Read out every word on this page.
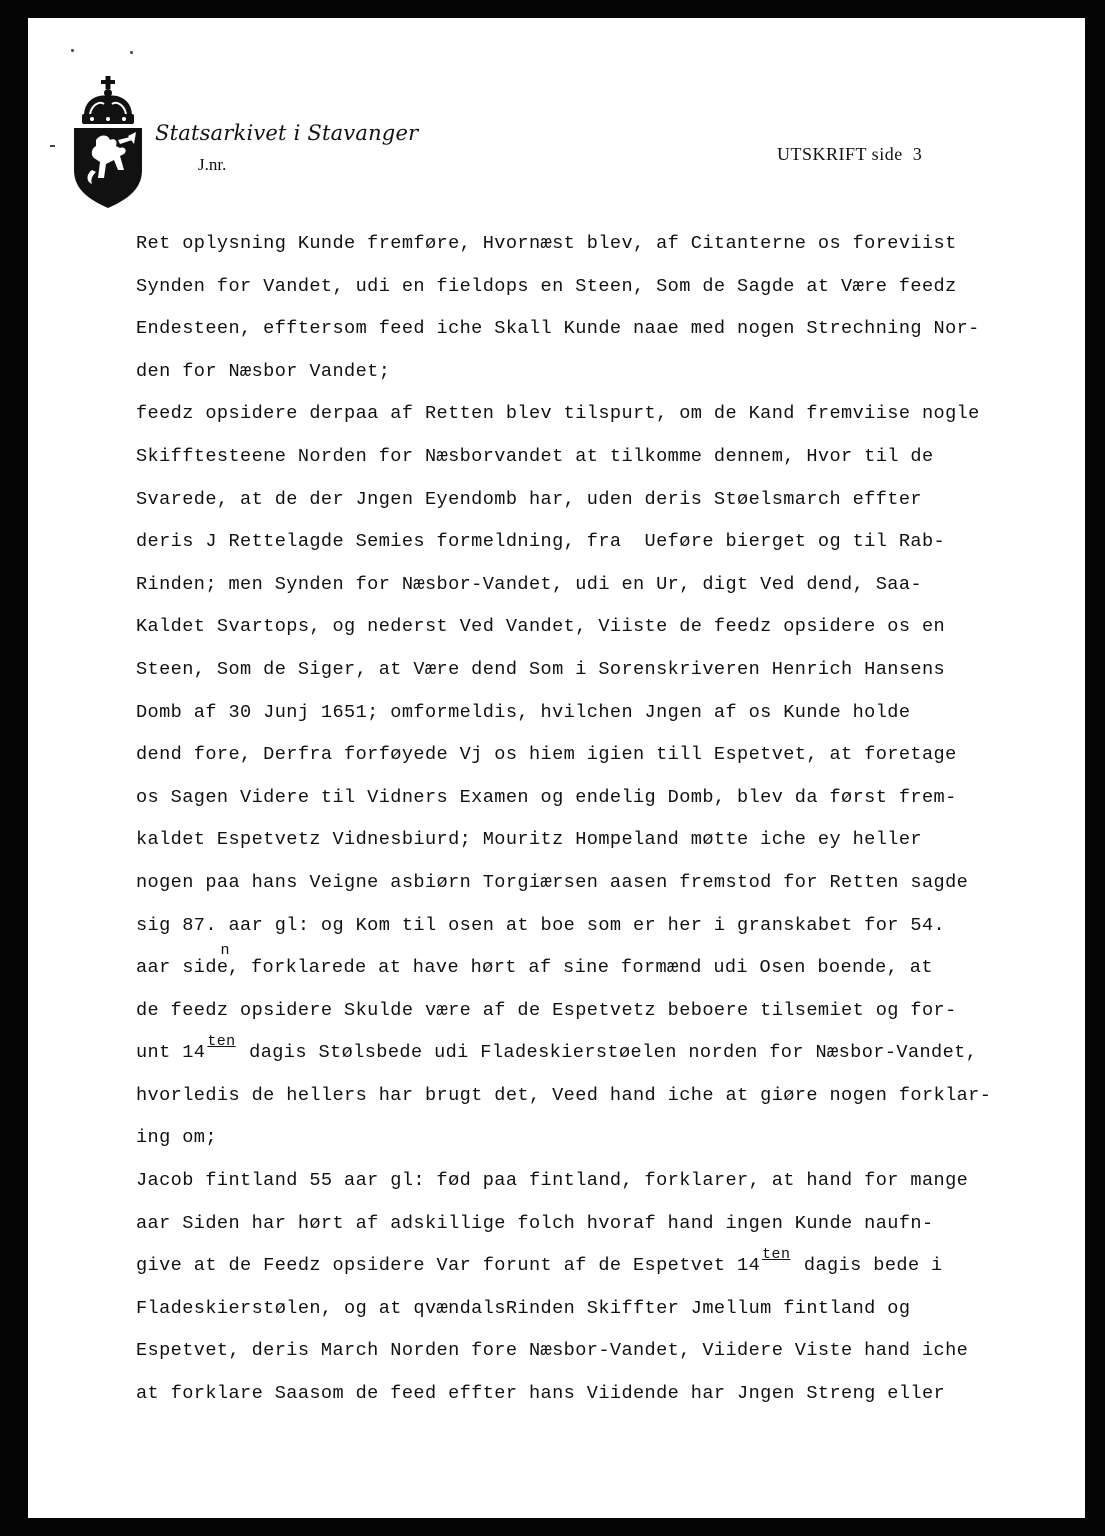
Statsarkivet i Stavanger
J.nr.
UTSKRIFT side 3
Ret oplysning Kunde fremføre, Hvornæst blev, af Citanterne os foreviist
Synden for Vandet, udi en fieldops en Steen, Som de Sagde at Være feedz
Endesteen, efftersom feed iche Skall Kunde naae med nogen Strechning Nor-
den for Næsbor Vandet;
feedz opsidere derpaa af Retten blev tilspurt, om de Kand fremviise nogle
Skifftesteene Norden for Næsborvandet at tilkomme dennem, Hvor til de
Svarede, at de der Jngen Eyendomb har, uden deris Støelsmarch effter
deris J Rettelagde Semies formeldning, fra  Ueføre bierget og til Rab-
Rinden; men Synden for Næsbor-Vandet, udi en Ur, digt Ved dend, Saa-
Kaldet Svartops, og nederst Ved Vandet, Viiste de feedz opsidere os en
Steen, Som de Siger, at Være dend Som i Sorenskriveren Henrich Hansens
Domb af 30 Junj 1651; omformeldis, hvilchen Jngen af os Kunde holde
dend fore, Derfra forføyede Vj os hiem igien till Espetvet, at foretage
os Sagen Videre til Vidners Examen og endelig Domb, blev da først frem-
kaldet Espetvetz Vidnesbiurd; Mouritz Hompeland møtte iche ey heller
nogen paa hans Veigne asbiørn Torgiærsen aasen fremstod for Retten sagde
sig 87. aar gl: og Kom til osen at boe som er her i granskabet for 54.
aar siden, forklarede at have hørt af sine formænd udi Osen boende, at
de feedz opsidere Skulde være af de Espetvetz beboere tilsemiet og for-
unt 14ten dagis Stølsbede udi Fladeskierstøelen norden for Næsbor-Vandet,
hvorledis de hellers har brugt det, Veed hand iche at giøre nogen forklar-
ing om;
Jacob fintland 55 aar gl: fød paa fintland, forklarer, at hand for mange
aar Siden har hørt af adskillige folch hvoraf hand ingen Kunde naufn-
give at de Feedz opsidere Var forunt af de Espetvet 14ten dagis bede i
Fladeskierstølen, og at qvændalsRinden Skiffter Jmellum fintland og
Espetvet, deris March Norden fore Næsbor-Vandet, Viidere Viste hand iche
at forklare Saasom de feed effter hans Viidende har Jngen Streng eller
